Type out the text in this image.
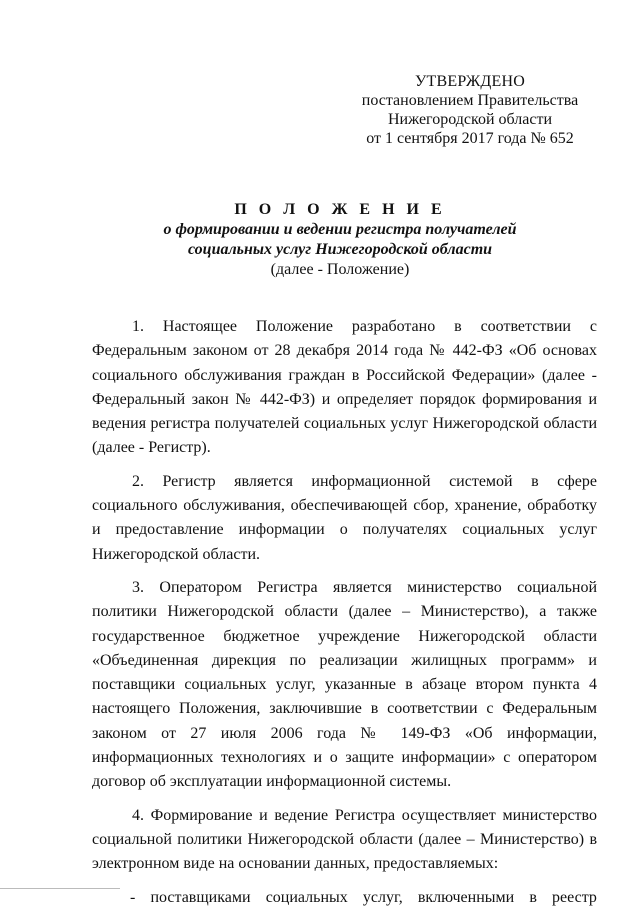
УТВЕРЖДЕНО
постановлением Правительства
Нижегородской области
от 1 сентября 2017 года № 652
П О Л О Ж Е Н И Е
о формировании и ведении регистра получателей
социальных услуг Нижегородской области
(далее - Положение)

1. Настоящее Положение разработано в соответствии с Федеральным законом от 28 декабря 2014 года № 442-ФЗ «Об основах социального обслуживания граждан в Российской Федерации» (далее - Федеральный закон № 442-ФЗ) и определяет порядок формирования и ведения регистра получателей социальных услуг Нижегородской области (далее - Регистр).

2. Регистр является информационной системой в сфере социального обслуживания, обеспечивающей сбор, хранение, обработку и предоставление информации о получателях социальных услуг Нижегородской области.

3. Оператором Регистра является министерство социальной политики Нижегородской области (далее – Министерство), а также государственное бюджетное учреждение Нижегородской области «Объединенная дирекция по реализации жилищных программ» и поставщики социальных услуг, указанные в абзаце втором пункта 4 настоящего Положения, заключившие в соответствии с Федеральным законом от 27 июля 2006 года № 149-ФЗ «Об информации, информационных технологиях и о защите информации» с оператором договор об эксплуатации информационной системы.

4. Формирование и ведение Регистра осуществляет министерство социальной политики Нижегородской области (далее – Министерство) в электронном виде на основании данных, предоставляемых:

- поставщиками социальных услуг, включенными в реестр
